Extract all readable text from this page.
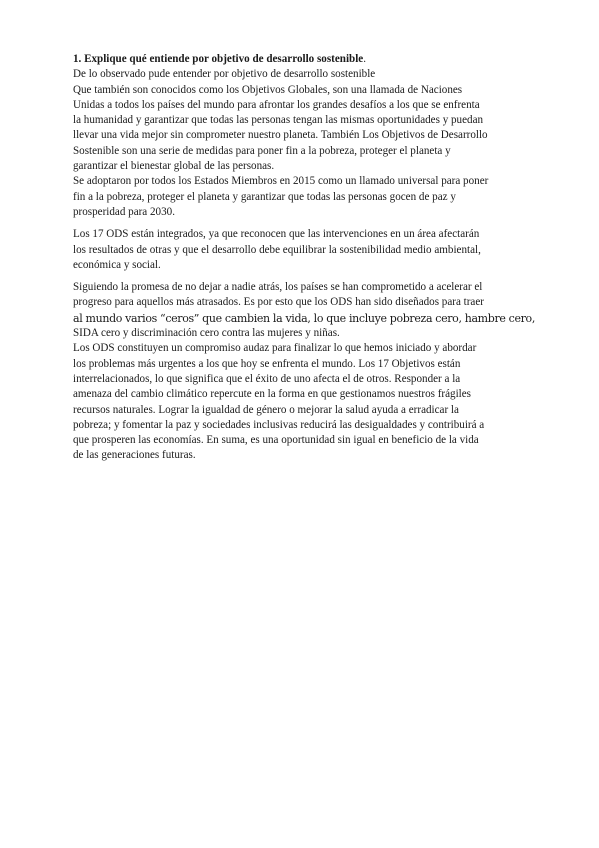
1. Explique qué entiende por objetivo de desarrollo sostenible.
De lo observado pude entender por objetivo de desarrollo sostenible
Que también son conocidos como los Objetivos Globales, son una llamada de Naciones
Unidas a todos los países del mundo para afrontar los grandes desafíos a los que se enfrenta
la humanidad y garantizar que todas las personas tengan las mismas oportunidades y puedan
llevar una vida mejor sin comprometer nuestro planeta. También Los Objetivos de Desarrollo
Sostenible son una serie de medidas para poner fin a la pobreza, proteger el planeta y
garantizar el bienestar global de las personas.
Se adoptaron por todos los Estados Miembros en 2015 como un llamado universal para poner
fin a la pobreza, proteger el planeta y garantizar que todas las personas gocen de paz y
prosperidad para 2030.
Los 17 ODS están integrados, ya que reconocen que las intervenciones en un área afectarán
los resultados de otras y que el desarrollo debe equilibrar la sostenibilidad medio ambiental,
económica y social.
Siguiendo la promesa de no dejar a nadie atrás, los países se han comprometido a acelerar el
progreso para aquellos más atrasados. Es por esto que los ODS han sido diseñados para traer
al mundo varios “ceros” que cambien la vida, lo que incluye pobreza cero, hambre cero,
SIDA cero y discriminación cero contra las mujeres y niñas.
Los ODS constituyen un compromiso audaz para finalizar lo que hemos iniciado y abordar
los problemas más urgentes a los que hoy se enfrenta el mundo. Los 17 Objetivos están
interrelacionados, lo que significa que el éxito de uno afecta el de otros. Responder a la
amenaza del cambio climático repercute en la forma en que gestionamos nuestros frágiles
recursos naturales. Lograr la igualdad de género o mejorar la salud ayuda a erradicar la
pobreza; y fomentar la paz y sociedades inclusivas reducirá las desigualdades y contribuirá a
que prosperen las economías. En suma, es una oportunidad sin igual en beneficio de la vida
de las generaciones futuras.
